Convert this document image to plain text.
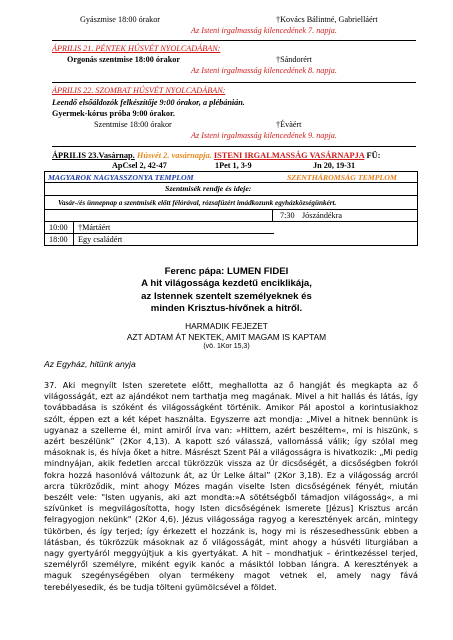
Gyászmise 18:00 órakor	†Kovács Bálintné, Gabrielláért
Az Isteni irgalmasság kilencedének 7. napja.
ÁPRILIS 21. PÉNTEK HÚSVÉT NYOLCADÁBAN:
Orgonás szentmise 18:00 órakor	†Sándorért
Az Isteni irgalmasság kilencedének 8. napja.
ÁPRILIS 22. SZOMBAT HÚSVÉT NYOLCADÁBAN:
Leendő elsőáldozók felkészítője 9:00 órakor, a plébánián.
Gyermek-kórus próba 9:00 órakor.
Szentmise 18:00 órakor	†Évàért
Az Isteni irgalmasság kilencedének 9. napja.
ÁPRILIS 23.Vasárnap. Húsvét 2. vasárnapja. ISTENI IRGALMASSÁG VASÁRNAPJA FÜ:
ApCsel 2, 42-47	1Pet 1, 3-9	Jn 20, 19-31
MAGYAROK NAGYASSZONYA TEMPLOM	SZENTHÁROMSÁG TEMPLOM
Szentmisék rendje és ideje:
Vasár-/és ünnepnap a szentmisék előtt félórával, rózsafüzért imádkozunk egyházközségünkért.
7:30 Jószándékra
10:00 †Mártáért
18:00 Egy családért
Ferenc pápa: LUMEN FIDEI
A hit világossága kezdetű enciklikája,
az Istennek szentelt személyeknek és
minden Krisztus-hívőnek a hitről.
HARMADIK FEJEZET
AZT ADTAM ÁT NEKTEK, AMIT MAGAM IS KAPTAM
(vö. 1Kor 15,3)
Az Egyház, hitünk anyja
37. Aki megnyílt Isten szeretete előtt, meghallotta az ő hangját és megkapta az ő világosságát, ezt az ajándékot nem tarthatja meg magának. Mivel a hit hallás és látás, így továbbadása is szóként és világosságként történik. Amikor Pál apostol a korintusiakhoz szólt, éppen ezt a két képet használta. Egyszerre azt mondja: „Mivel a hitnek bennünk is ugyanaz a szelleme él, mint amiről írva van: »Hittem, azért beszéltem«, mi is hiszünk, s azért beszélünk” (2Kor 4,13). A kapott szó válasszá, vallomássá válik; így szólal meg másoknak is, és hívja őket a hitre. Másrészt Szent Pál a világosságra is hivatkozik: „Mi pedig mindnyájan, akik fedetlen arccal tükrözzük vissza az Úr dicsőségét, a dicsőségben fokról fokra hozzá hasonlóvá változunk át, az Úr Lelke által” (2Kor 3,18). Ez a világosság arcról arcra tükröződik, mint ahogy Mózes magán viselte Isten dicsőségének fényét, miután beszélt vele: "Isten ugyanis, aki azt mondta:»A sötétségből támadjon világosság«, a mi szívünket is megvilágosította, hogy Isten dicsőségének ismerete [Jézus] Krisztus arcán felragyogjon nekünk" (2Kor 4,6). Jézus világossága ragyog a keresztények arcán, mintegy tükörben, és így terjed; így érkezett el hozzánk is, hogy mi is részesedhessünk ebben a látásban, és tükrözzük másoknak az ő világosságát, mint ahogy a húsvéti liturgiában a nagy gyertyáról meggyújtjuk a kis gyertyákat. A hit – mondhatjuk – érintkezéssel terjed, személyről személyre, miként egyik kanóc a másiktól lobban lángra. A keresztények a maguk szegénységében olyan termékeny magot vetnek el, amely nagy fává terebélyesedik, és be tudja tölteni gyümölcsével a földet.
